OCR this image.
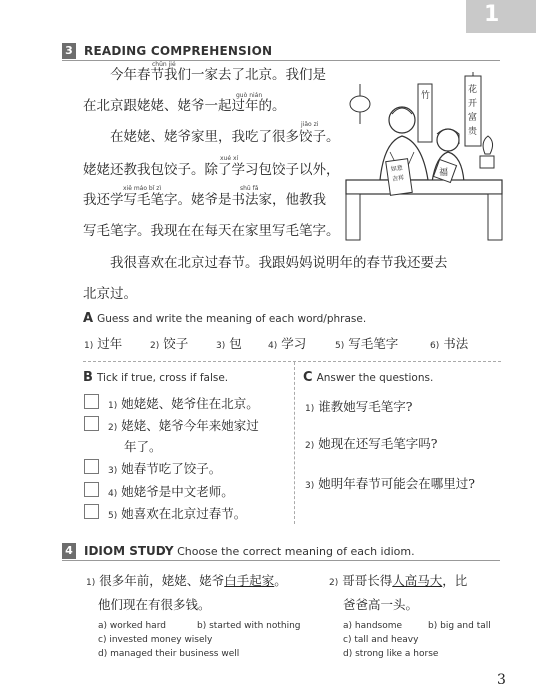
1
3 READING COMPREHENSION
chūn jié
guò nián
jiǎo zi
xué xí
xiě máo bǐ zì	shū fǎ
今年春节我们一家去了北京。我们是
在北京跟姥姥、姥爷一起过年的。
在姥姥、姥爷家里，我吃了很多饺子。
姥姥还教我包饺子。除了学习包饺子以外，
我还学写毛笔字。姥爷是书法家，他教我
写毛笔字。我现在在每天在家里写毛笔字。
我很喜欢在北京过春节。我跟妈妈说明年的春节我还要去
北京过。
竹
花开富贵
如意吉祥
福
A Guess and write the meaning of each word/phrase.
1) 过年	2) 饺子	3) 包	4) 学习	5) 写毛笔字	6) 书法
B Tick if true, cross if false.
1) 她姥姥、姥爷住在北京。
2) 姥姥、姥爷今年来她家过
年了。
3) 她春节吃了饺子。
4) 她姥爷是中文老师。
5) 她喜欢在北京过春节。
C Answer the questions.
1) 谁教她写毛笔字?
2) 她现在还写毛笔字吗?
3) 她明年春节可能会在哪里过?
4 IDIOM STUDY Choose the correct meaning of each idiom.
1) 很多年前，姥姥、姥爷白手起家。
他们现在有很多钱。
a) worked hard	b) started with nothing
c) invested money wisely
d) managed their business well
2) 哥哥长得人高马大，比
爸爸高一头。
a) handsome	b) big and tall
c) tall and heavy
d) strong like a horse
3
